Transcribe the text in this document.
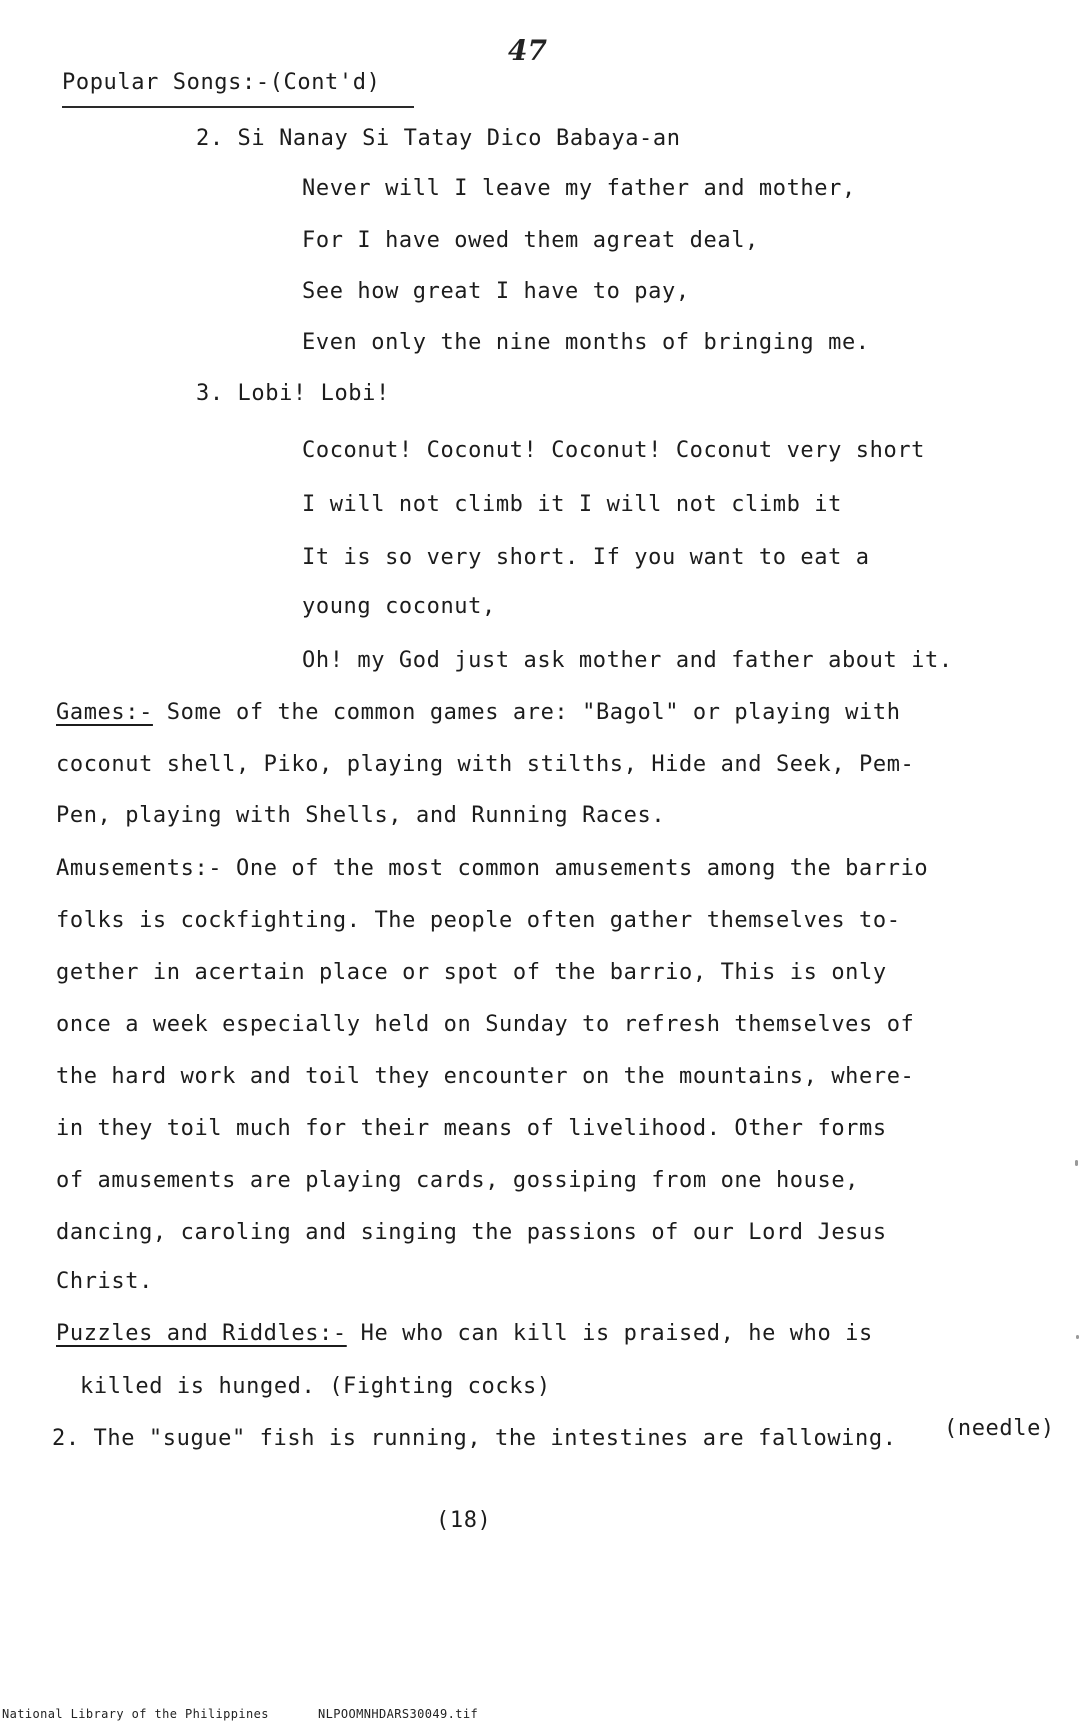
47
Popular Songs:-(Cont'd)
2. Si Nanay Si Tatay Dico Babaya-an
Never will I leave my father and mother,
For I have owed them agreat deal,
See how great I have to pay,
Even only the nine months of bringing me.
3. Lobi! Lobi!
Coconut! Coconut! Coconut! Coconut very short
I will not climb it I will not climb it
It is so very short. If you want to eat a
young coconut,
Oh! my God just ask mother and father about it.
Games:- Some of the common games are: "Bagol" or playing with
coconut shell, Piko, playing with stilths, Hide and Seek, Pem-
Pen, playing with Shells, and Running Races.
Amusements:- One of the most common amusements among the barrio
folks is cockfighting. The people often gather themselves to-
gether in acertain place or spot of the barrio, This is only
once a week especially held on Sunday to refresh themselves of
the hard work and toil they encounter on the mountains, where-
in they toil much for their means of livelihood. Other forms
of amusements are playing cards, gossiping from one house,
dancing, caroling and singing the passions of our Lord Jesus
Christ.
Puzzles and Riddles:- He who can kill is praised, he who is
killed is hunged. (Fighting cocks)
2. The "sugue" fish is running, the intestines are fallowing. (needle)
(18)
National Library of the Philippines	NLPOOMNHDARS30049.tif
